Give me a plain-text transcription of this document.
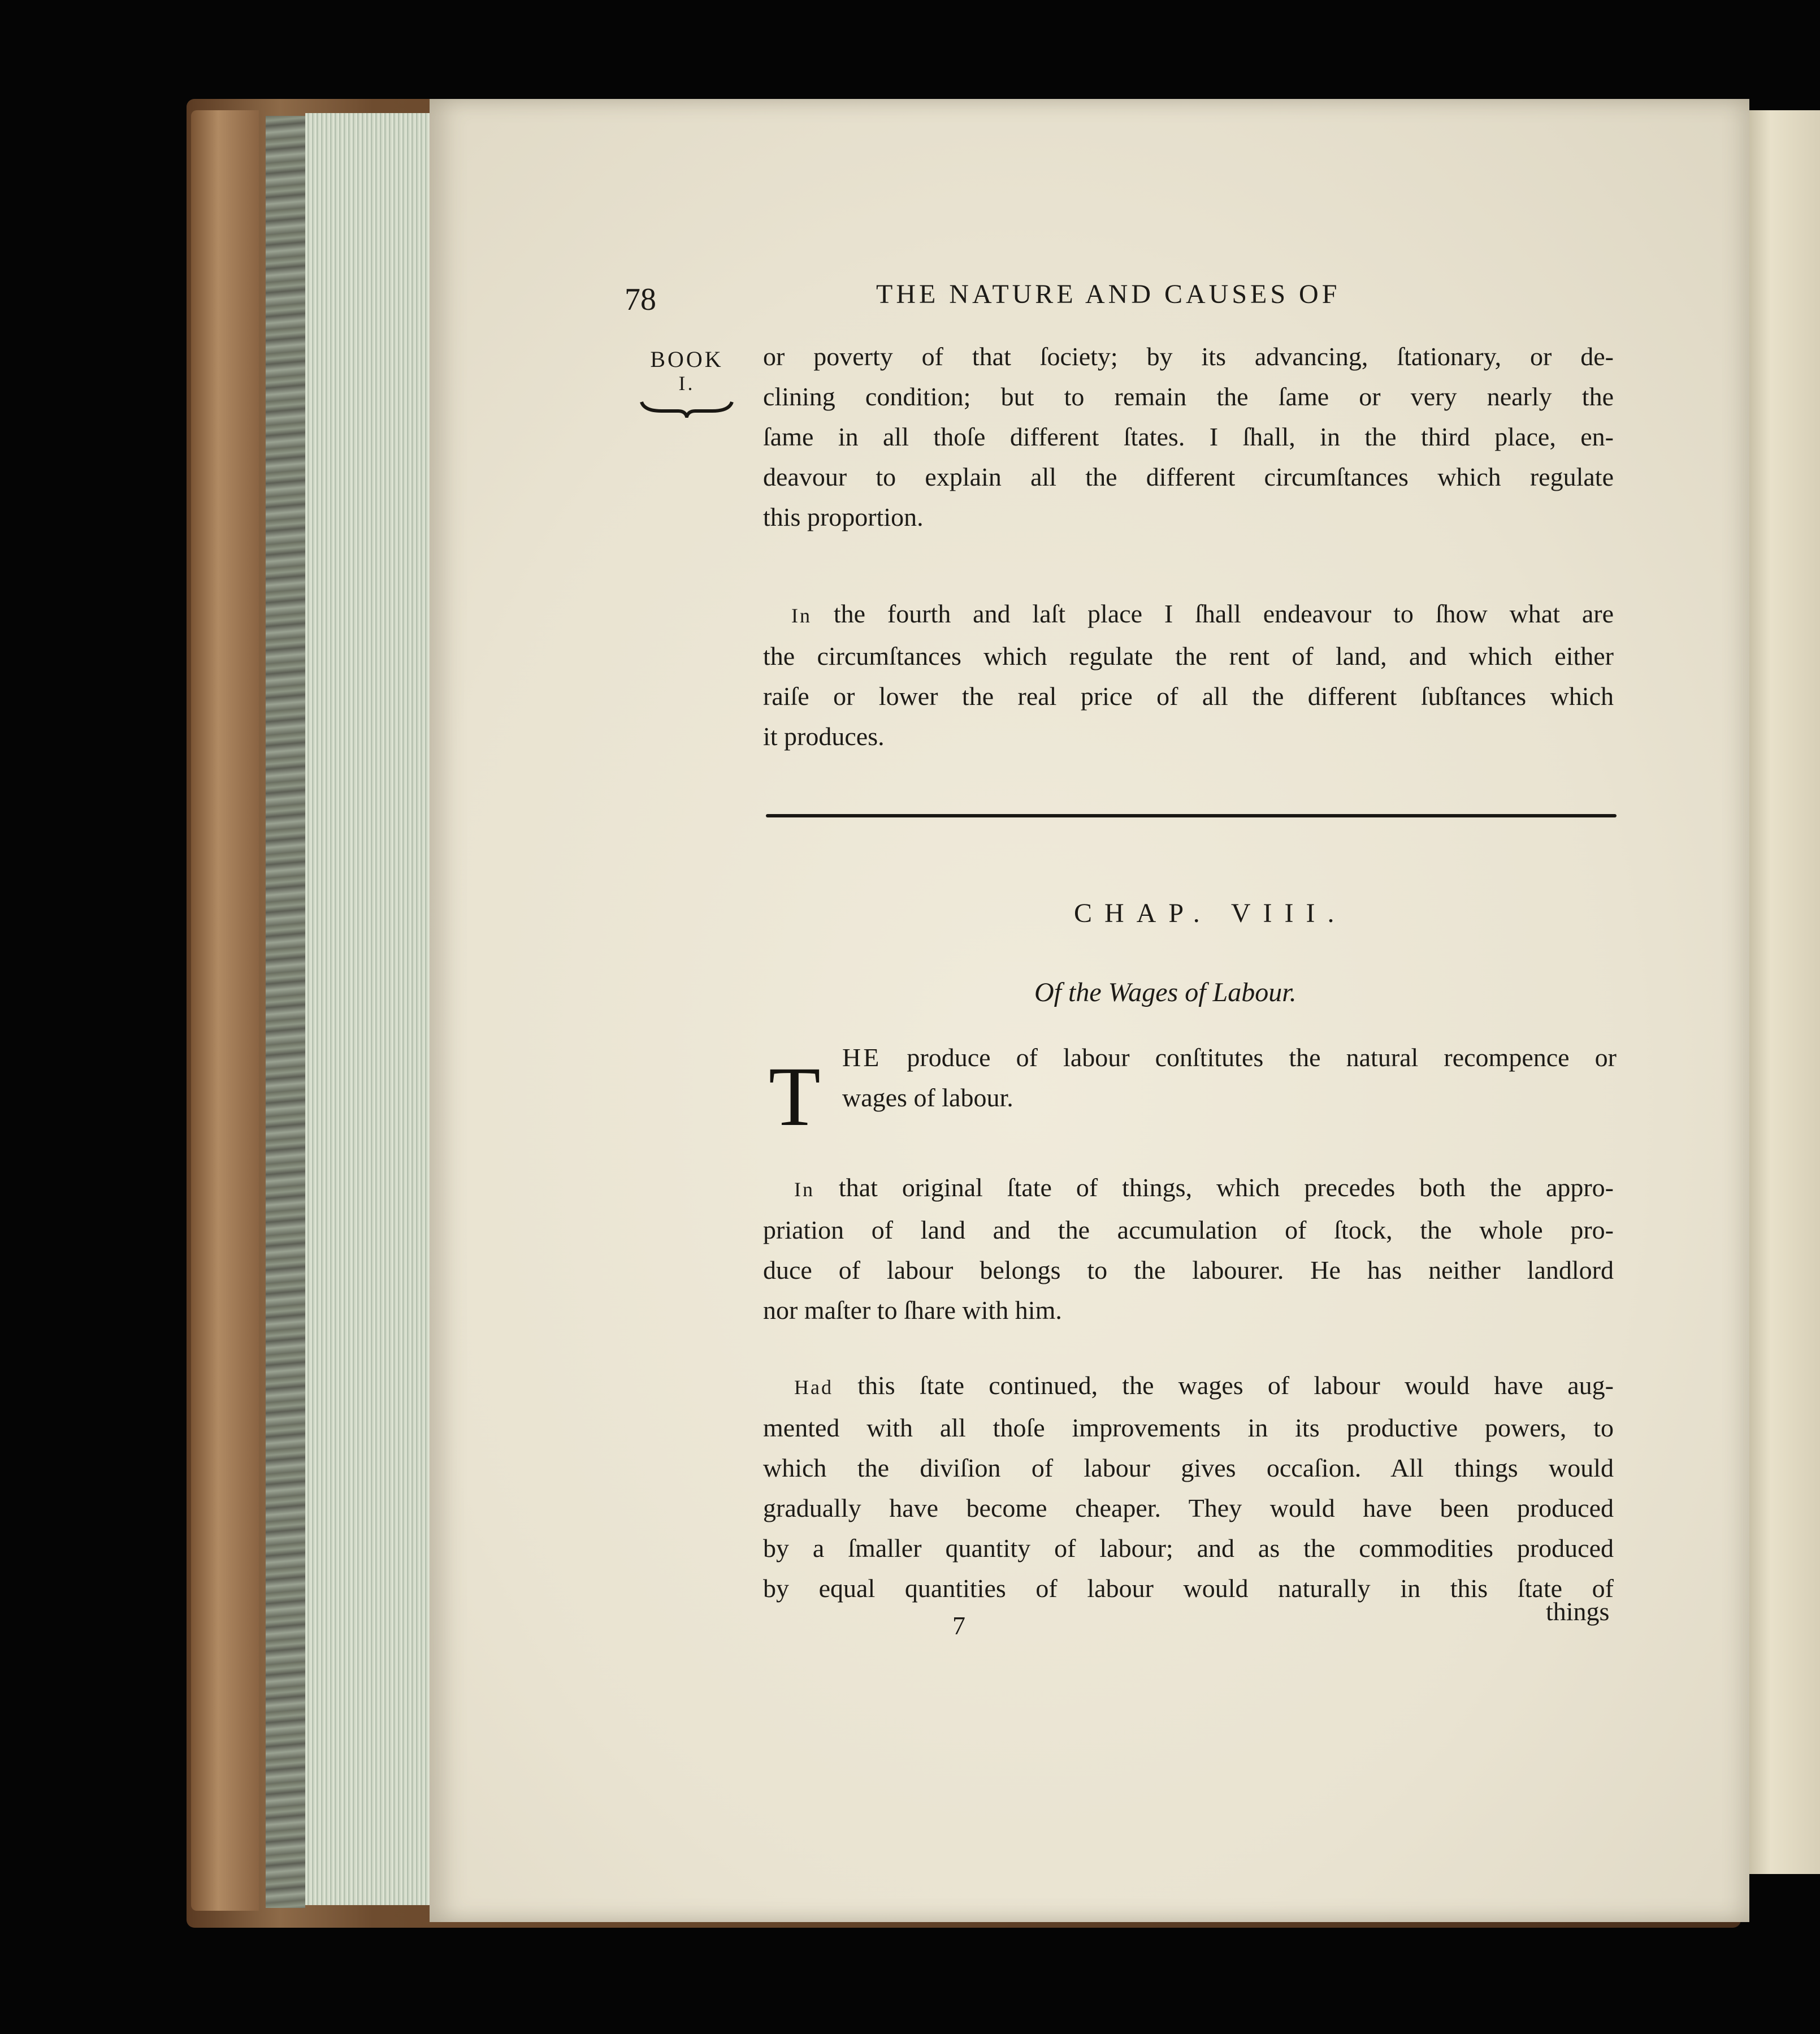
78	THE NATURE AND CAUSES OF
BOOK
I.
or poverty of that ſociety; by its advancing, ſtationary, or de-
clining condition; but to remain the ſame or very nearly the
ſame in all thoſe different ſtates. I ſhall, in the third place, en-
deavour to explain all the different circumſtances which regulate
this proportion.
In the fourth and laſt place I ſhall endeavour to ſhow what are
the circumſtances which regulate the rent of land, and which either
raiſe or lower the real price of all the different ſubſtances which
it produces.
CHAP. VIII.
Of the Wages of Labour.
T HE produce of labour conſtitutes the natural recompence or
wages of labour.
In that original ſtate of things, which precedes both the appro-
priation of land and the accumulation of ſtock, the whole pro-
duce of labour belongs to the labourer. He has neither landlord
nor maſter to ſhare with him.
Had this ſtate continued, the wages of labour would have aug-
mented with all thoſe improvements in its productive powers, to
which the diviſion of labour gives occaſion. All things would
gradually have become cheaper. They would have been produced
by a ſmaller quantity of labour; and as the commodities produced
by equal quantities of labour would naturally in this ſtate of
7	things
